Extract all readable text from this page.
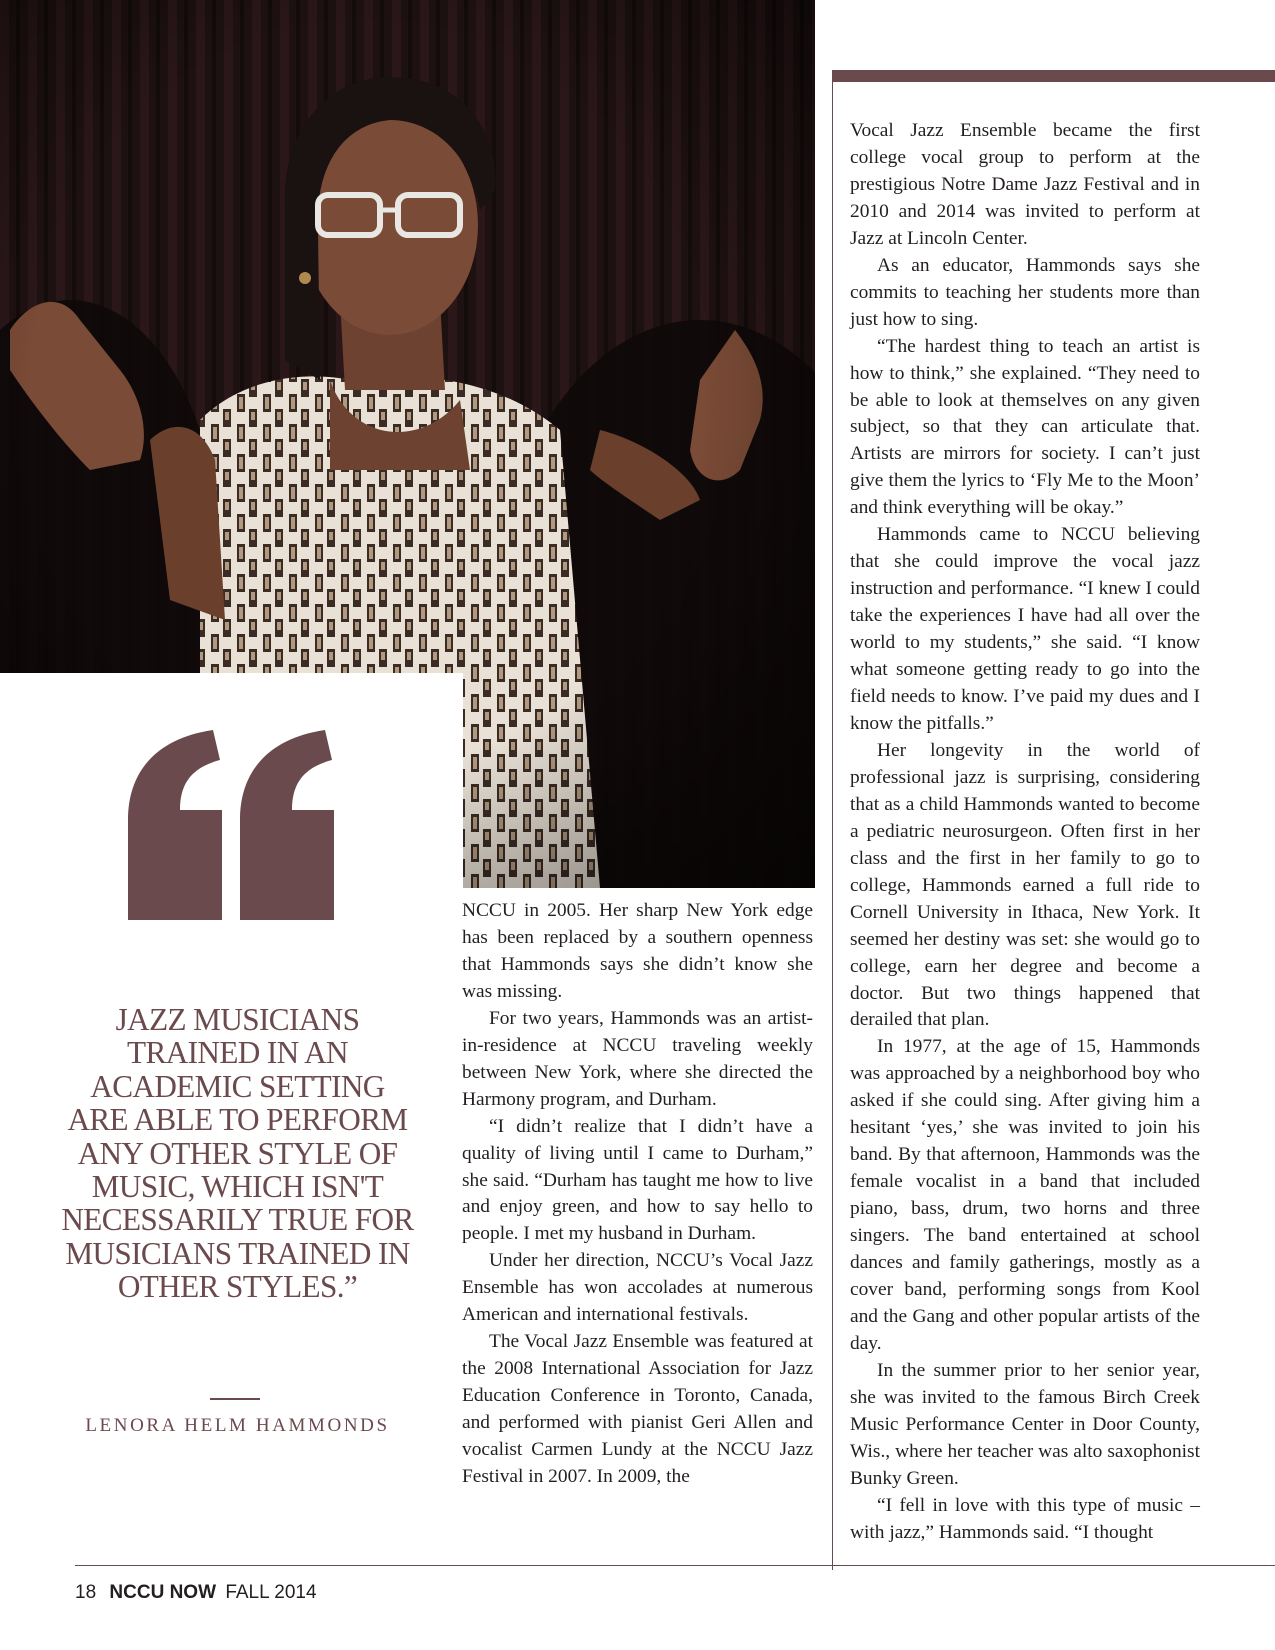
JAZZ MUSICIANS TRAINED IN AN ACADEMIC SETTING ARE ABLE TO PERFORM ANY OTHER STYLE OF MUSIC, WHICH ISN'T NECESSARILY TRUE FOR MUSICIANS TRAINED IN OTHER STYLES.”

LENORA HELM HAMMONDS

NCCU in 2005. Her sharp New York edge has been replaced by a southern openness that Hammonds says she didn’t know she was missing.

For two years, Hammonds was an artist-in-residence at NCCU traveling weekly between New York, where she directed the Harmony program, and Durham.

“I didn’t realize that I didn’t have a quality of living until I came to Durham,” she said. “Durham has taught me how to live and enjoy green, and how to say hello to people. I met my husband in Durham.

Under her direction, NCCU’s Vocal Jazz Ensemble has won accolades at numerous American and international festivals.

The Vocal Jazz Ensemble was featured at the 2008 International Association for Jazz Education Conference in Toronto, Canada, and performed with pianist Geri Allen and vocalist Carmen Lundy at the NCCU Jazz Festival in 2007. In 2009, the

Vocal Jazz Ensemble became the first college vocal group to perform at the prestigious Notre Dame Jazz Festival and in 2010 and 2014 was invited to perform at Jazz at Lincoln Center.

As an educator, Hammonds says she commits to teaching her students more than just how to sing.

“The hardest thing to teach an artist is how to think,” she explained. “They need to be able to look at themselves on any given subject, so that they can articulate that. Artists are mirrors for society. I can’t just give them the lyrics to ‘Fly Me to the Moon’ and think everything will be okay.”

Hammonds came to NCCU believing that she could improve the vocal jazz instruction and performance. “I knew I could take the experiences I have had all over the world to my students,” she said. “I know what someone getting ready to go into the field needs to know. I’ve paid my dues and I know the pitfalls.”

Her longevity in the world of professional jazz is surprising, considering that as a child Hammonds wanted to become a pediatric neurosurgeon. Often first in her class and the first in her family to go to college, Hammonds earned a full ride to Cornell University in Ithaca, New York. It seemed her destiny was set: she would go to college, earn her degree and become a doctor. But two things happened that derailed that plan.

In 1977, at the age of 15, Hammonds was approached by a neighborhood boy who asked if she could sing. After giving him a hesitant ‘yes,’ she was invited to join his band. By that afternoon, Hammonds was the female vocalist in a band that included piano, bass, drum, two horns and three singers. The band entertained at school dances and family gatherings, mostly as a cover band, performing songs from Kool and the Gang and other popular artists of the day.

In the summer prior to her senior year, she was invited to the famous Birch Creek Music Performance Center in Door County, Wis., where her teacher was alto saxophonist Bunky Green.

“I fell in love with this type of music – with jazz,” Hammonds said. “I thought

18 NCCU NOW FALL 2014
